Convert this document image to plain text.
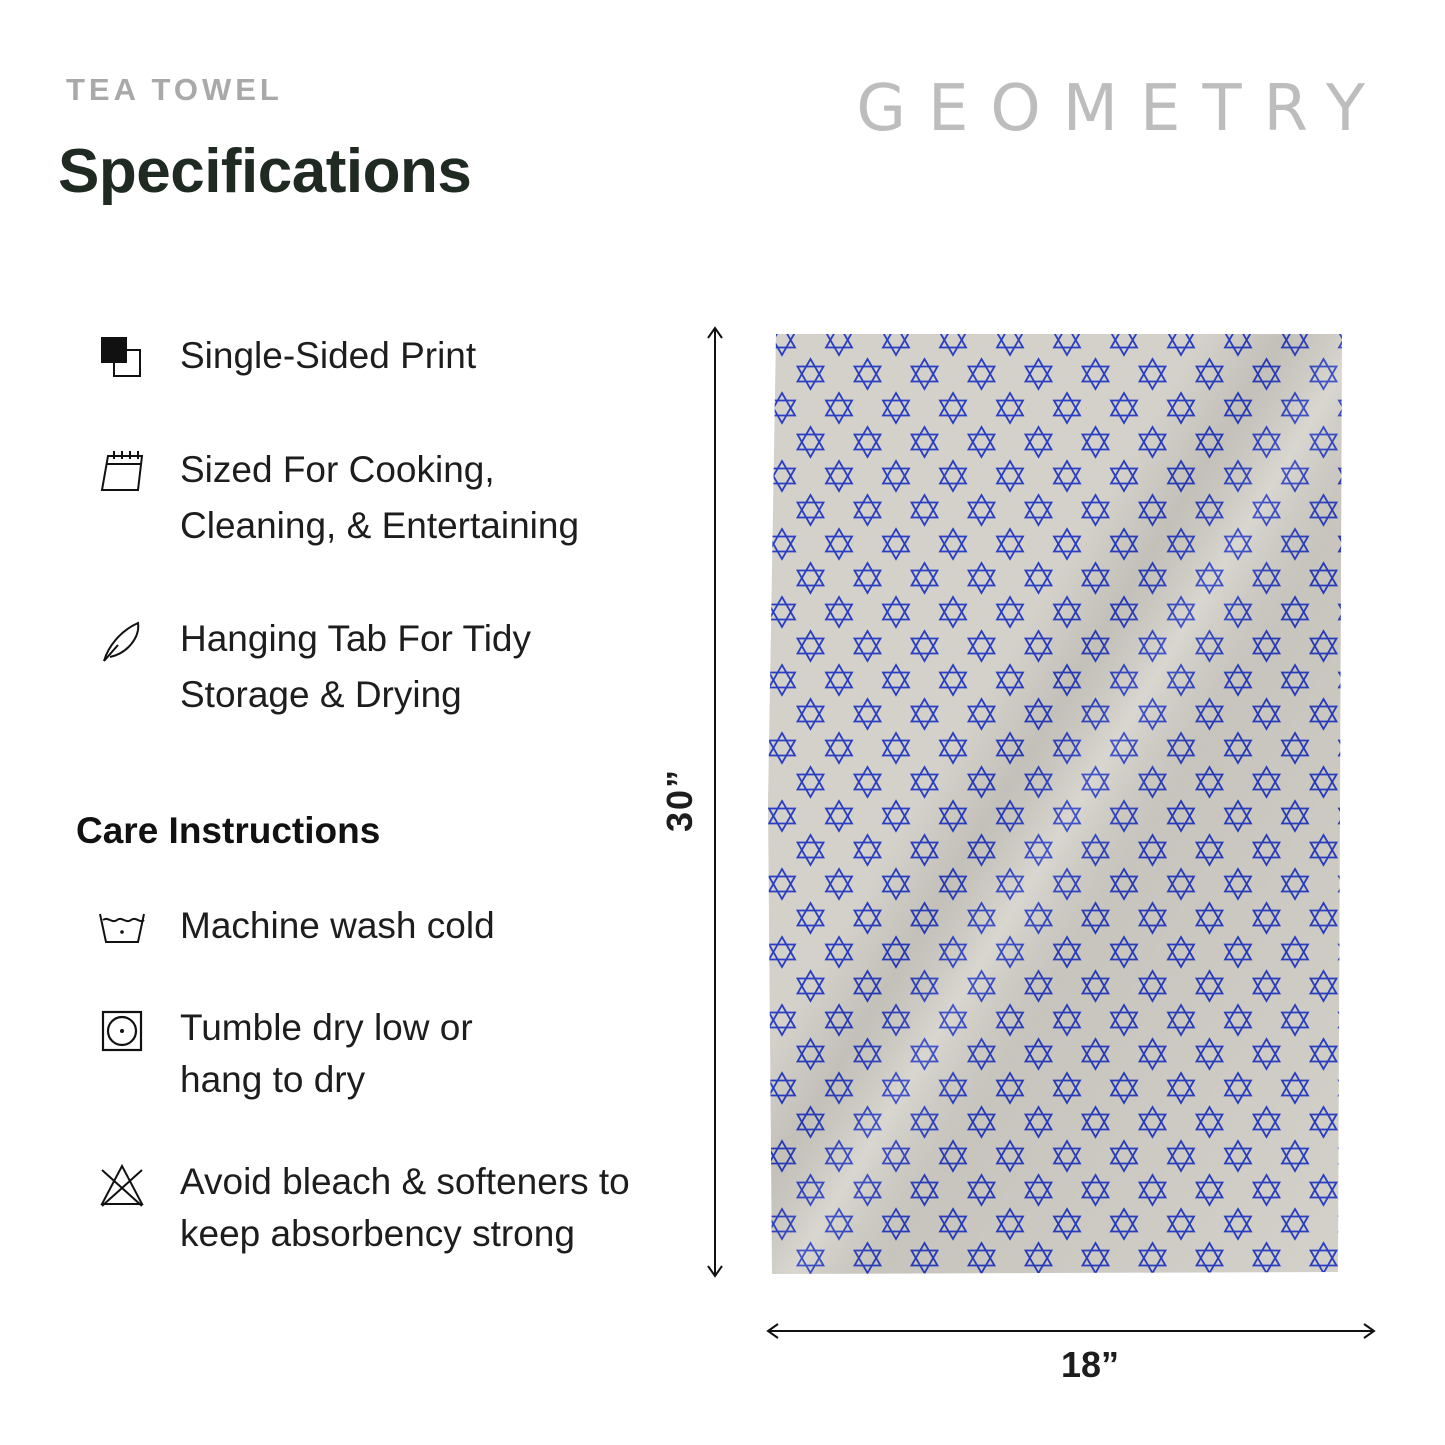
TEA TOWEL
Specifications
GEOMETRY
Single-Sided Print
Sized For Cooking, Cleaning, & Entertaining
Hanging Tab For Tidy Storage & Drying
Care Instructions
Machine wash cold
Tumble dry low or hang to dry
Avoid bleach & softeners to keep absorbency strong
30”
18”
